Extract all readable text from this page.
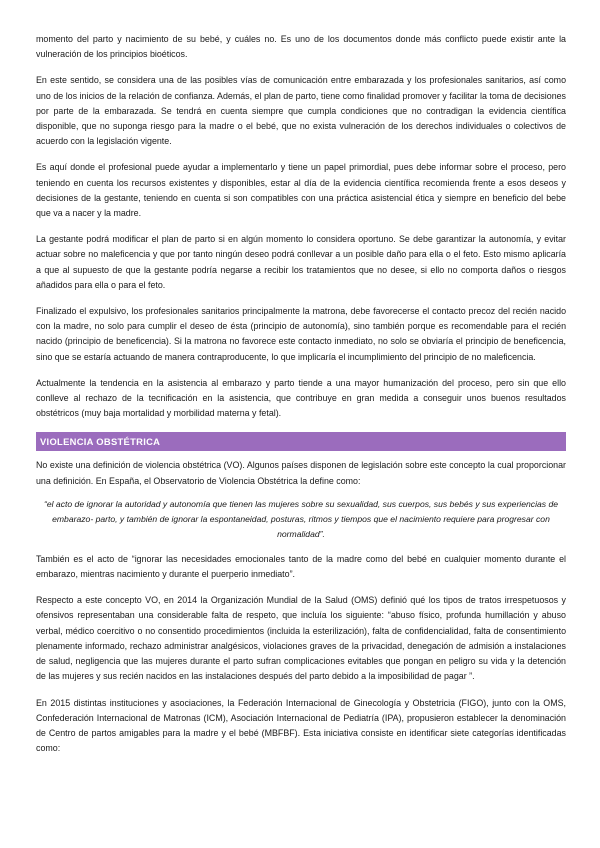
momento del parto y nacimiento de su bebé, y cuáles no. Es uno de los documentos donde más conflicto puede existir ante la vulneración de los principios bioéticos.

En este sentido, se considera una de las posibles vías de comunicación entre embarazada y los profesionales sanitarios, así como uno de los inicios de la relación de confianza. Además, el plan de parto, tiene como finalidad promover y facilitar la toma de decisiones por parte de la embarazada. Se tendrá en cuenta siempre que cumpla condiciones que no contradigan la evidencia científica disponible, que no suponga riesgo para la madre o el bebé, que no exista vulneración de los derechos individuales o colectivos de acuerdo con la legislación vigente.

Es aquí donde el profesional puede ayudar a implementarlo y tiene un papel primordial, pues debe informar sobre el proceso, pero teniendo en cuenta los recursos existentes y disponibles, estar al día de la evidencia científica recomienda frente a esos deseos y decisiones de la gestante, teniendo en cuenta si son compatibles con una práctica asistencial ética y siempre en beneficio del bebe que va a nacer y la madre.

La gestante podrá modificar el plan de parto si en algún momento lo considera oportuno. Se debe garantizar la autonomía, y evitar actuar sobre no maleficencia y que por tanto ningún deseo podrá conllevar a un posible daño para ella o el feto. Esto mismo aplicaría a que al supuesto de que la gestante podría negarse a recibir los tratamientos que no desee, si ello no comporta daños o riesgos añadidos para ella o para el feto.

Finalizado el expulsivo, los profesionales sanitarios principalmente la matrona, debe favorecerse el contacto precoz del recién nacido con la madre, no solo para cumplir el deseo de ésta (principio de autonomía), sino también porque es recomendable para el recién nacido (principio de beneficencia). Si la matrona no favorece este contacto inmediato, no solo se obviaría el principio de beneficencia, sino que se estaría actuando de manera contraproducente, lo que implicaría el incumplimiento del principio de no maleficencia.

Actualmente la tendencia en la asistencia al embarazo y parto tiende a una mayor humanización del proceso, pero sin que ello conlleve al rechazo de la tecnificación en la asistencia, que contribuye en gran medida a conseguir unos buenos resultados obstétricos (muy baja mortalidad y morbilidad materna y fetal).

VIOLENCIA OBSTÉTRICA

No existe una definición de violencia obstétrica (VO). Algunos países disponen de legislación sobre este concepto la cual proporcionar una definición. En España, el Observatorio de Violencia Obstétrica la define como:

“el acto de ignorar la autoridad y autonomía que tienen las mujeres sobre su sexualidad, sus cuerpos, sus bebés y sus experiencias de embarazo- parto, y también de ignorar la espontaneidad, posturas, ritmos y tiempos que el nacimiento requiere para progresar con normalidad”.

También es el acto de “ignorar las necesidades emocionales tanto de la madre como del bebé en cualquier momento durante el embarazo, mientras nacimiento y durante el puerperio inmediato”.

Respecto a este concepto VO, en 2014 la Organización Mundial de la Salud (OMS) definió qué los tipos de tratos irrespetuosos y ofensivos representaban una considerable falta de respeto, que incluía los siguiente: “abuso físico, profunda humillación y abuso verbal, médico coercitivo o no consentido procedimientos (incluida la esterilización), falta de confidencialidad, falta de consentimiento plenamente informado, rechazo administrar analgésicos, violaciones graves de la privacidad, denegación de admisión a instalaciones de salud, negligencia que las mujeres durante el parto sufran complicaciones evitables que pongan en peligro su vida y la detención de las mujeres y sus recién nacidos en las instalaciones después del parto debido a la imposibilidad de pagar ”.

En 2015 distintas instituciones y asociaciones, la Federación Internacional de Ginecología y Obstetricia (FIGO), junto con la OMS, Confederación Internacional de Matronas (ICM), Asociación Internacional de Pediatría (IPA), propusieron establecer la denominación de Centro de partos amigables para la madre y el bebé (MBFBF). Esta iniciativa consiste en identificar siete categorías identificadas como:
